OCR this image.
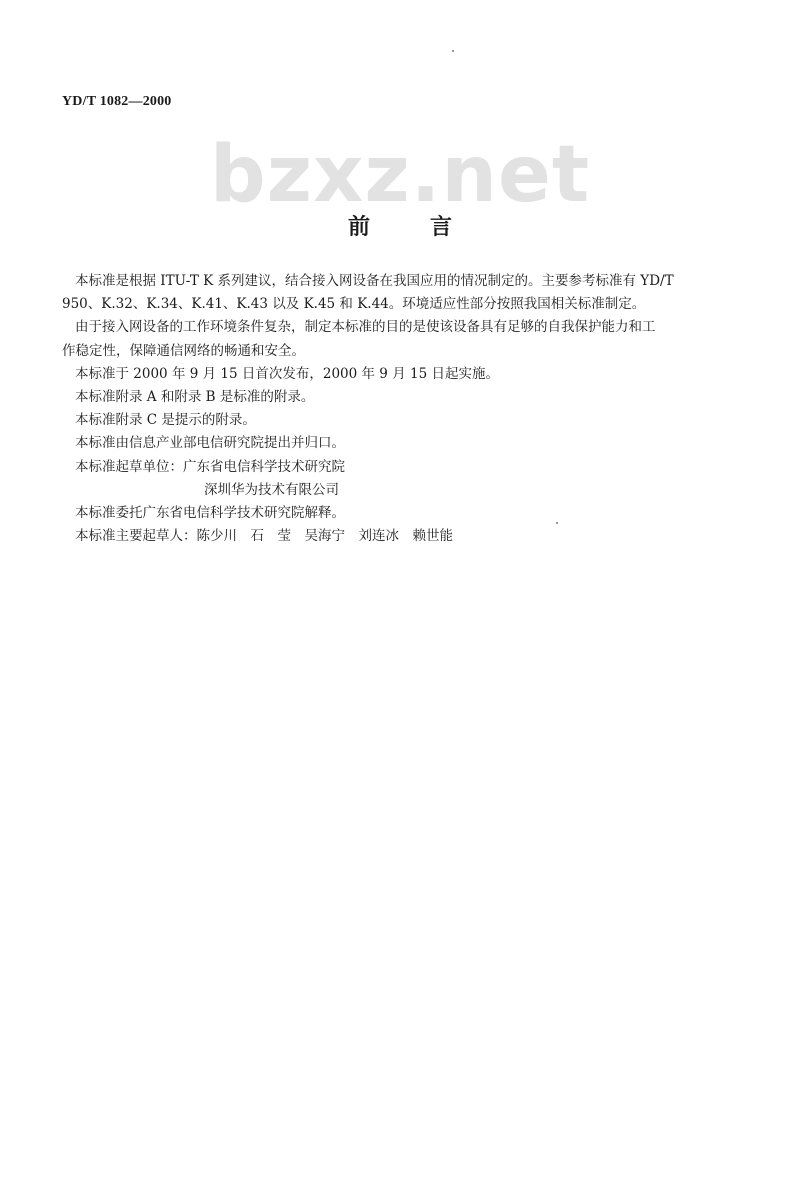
YD/T 1082—2000
bzxz.net
前言

本标准是根据 ITU-T K 系列建议，结合接入网设备在我国应用的情况制定的。主要参考标准有 YD/T

950、K.32、K.34、K.41、K.43 以及 K.45 和 K.44。环境适应性部分按照我国相关标准制定。

由于接入网设备的工作环境条件复杂，制定本标准的目的是使该设备具有足够的自我保护能力和工

作稳定性，保障通信网络的畅通和安全。

本标准于 2000 年 9 月 15 日首次发布，2000 年 9 月 15 日起实施。

本标准附录 A 和附录 B 是标准的附录。

本标准附录 C 是提示的附录。

本标准由信息产业部电信研究院提出并归口。

本标准起草单位：广东省电信科学技术研究院

深圳华为技术有限公司

本标准委托广东省电信科学技术研究院解释。

本标准主要起草人：陈少川　石　莹　吴海宁　刘连冰　赖世能
